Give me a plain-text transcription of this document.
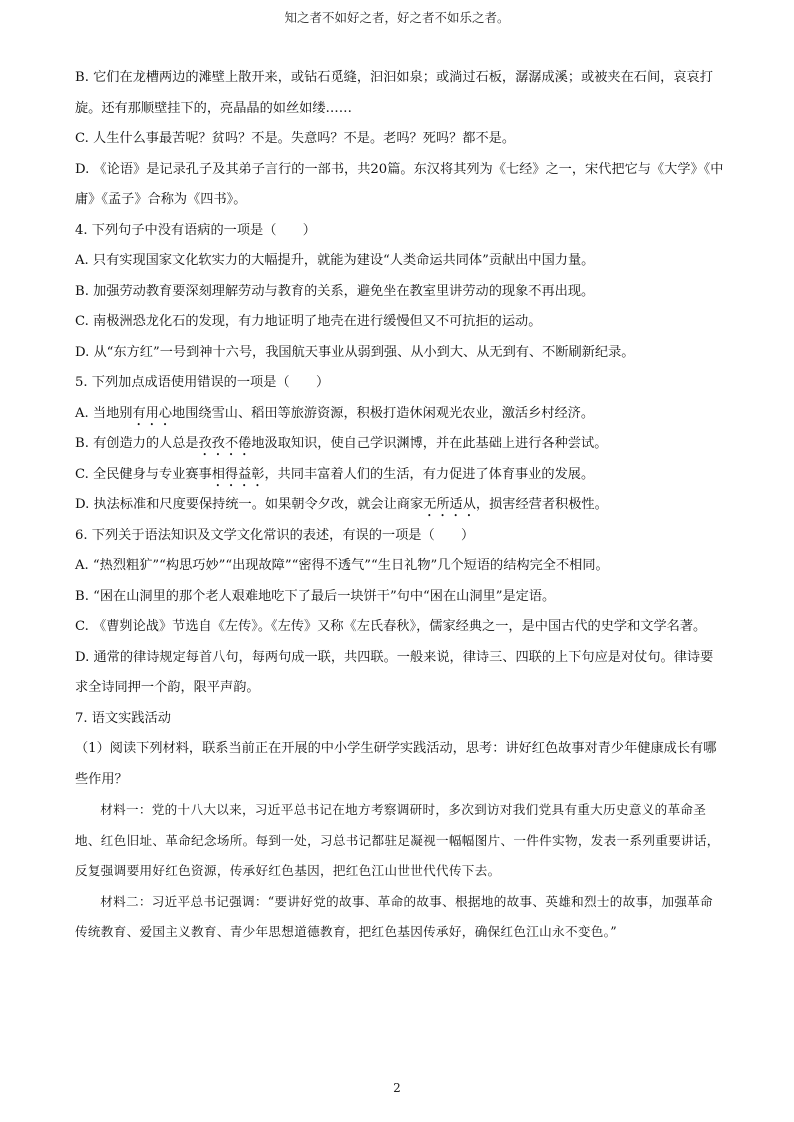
知之者不如好之者，好之者不如乐之者。

B. 它们在龙槽两边的滩壁上散开来，或钻石觅缝，汩汩如泉；或淌过石板，潺潺成溪；或被夹在石间，哀哀打旋。还有那顺壁挂下的，亮晶晶的如丝如缕……

C. 人生什么事最苦呢？贫吗？不是。失意吗？不是。老吗？死吗？都不是。

D. 《论语》是记录孔子及其弟子言行的一部书，共20篇。东汉将其列为《七经》之一，宋代把它与《大学》《中庸》《孟子》合称为《四书》。

4. 下列句子中没有语病的一项是（　　）

A. 只有实现国家文化软实力的大幅提升，就能为建设“人类命运共同体”贡献出中国力量。

B. 加强劳动教育要深刻理解劳动与教育的关系，避免坐在教室里讲劳动的现象不再出现。

C. 南极洲恐龙化石的发现，有力地证明了地壳在进行缓慢但又不可抗拒的运动。

D. 从“东方红”一号到神十六号，我国航天事业从弱到强、从小到大、从无到有、不断刷新纪录。

5. 下列加点成语使用错误的一项是（　　）

A. 当地别有用心地围绕雪山、稻田等旅游资源，积极打造休闲观光农业，激活乡村经济。

B. 有创造力的人总是孜孜不倦地汲取知识，使自己学识渊博，并在此基础上进行各种尝试。

C. 全民健身与专业赛事相得益彰，共同丰富着人们的生活，有力促进了体育事业的发展。

D. 执法标准和尺度要保持统一。如果朝令夕改，就会让商家无所适从，损害经营者积极性。

6. 下列关于语法知识及文学文化常识的表述，有误的一项是（　　）

A. “热烈粗犷”“构思巧妙”“出现故障”“密得不透气”“生日礼物”几个短语的结构完全不相同。

B. “困在山洞里的那个老人艰难地吃下了最后一块饼干”句中“困在山洞里”是定语。

C. 《曹刿论战》节选自《左传》。《左传》又称《左氏春秋》，儒家经典之一，是中国古代的史学和文学名著。

D. 通常的律诗规定每首八句，每两句成一联，共四联。一般来说，律诗三、四联的上下句应是对仗句。律诗要求全诗同押一个韵，限平声韵。

7. 语文实践活动

（1）阅读下列材料，联系当前正在开展的中小学生研学实践活动，思考：讲好红色故事对青少年健康成长有哪些作用？

材料一：党的十八大以来，习近平总书记在地方考察调研时，多次到访对我们党具有重大历史意义的革命圣地、红色旧址、革命纪念场所。每到一处，习总书记都驻足凝视一幅幅图片、一件件实物，发表一系列重要讲话，反复强调要用好红色资源，传承好红色基因，把红色江山世世代代传下去。

材料二：习近平总书记强调：“要讲好党的故事、革命的故事、根据地的故事、英雄和烈士的故事，加强革命传统教育、爱国主义教育、青少年思想道德教育，把红色基因传承好，确保红色江山永不变色。”

2
